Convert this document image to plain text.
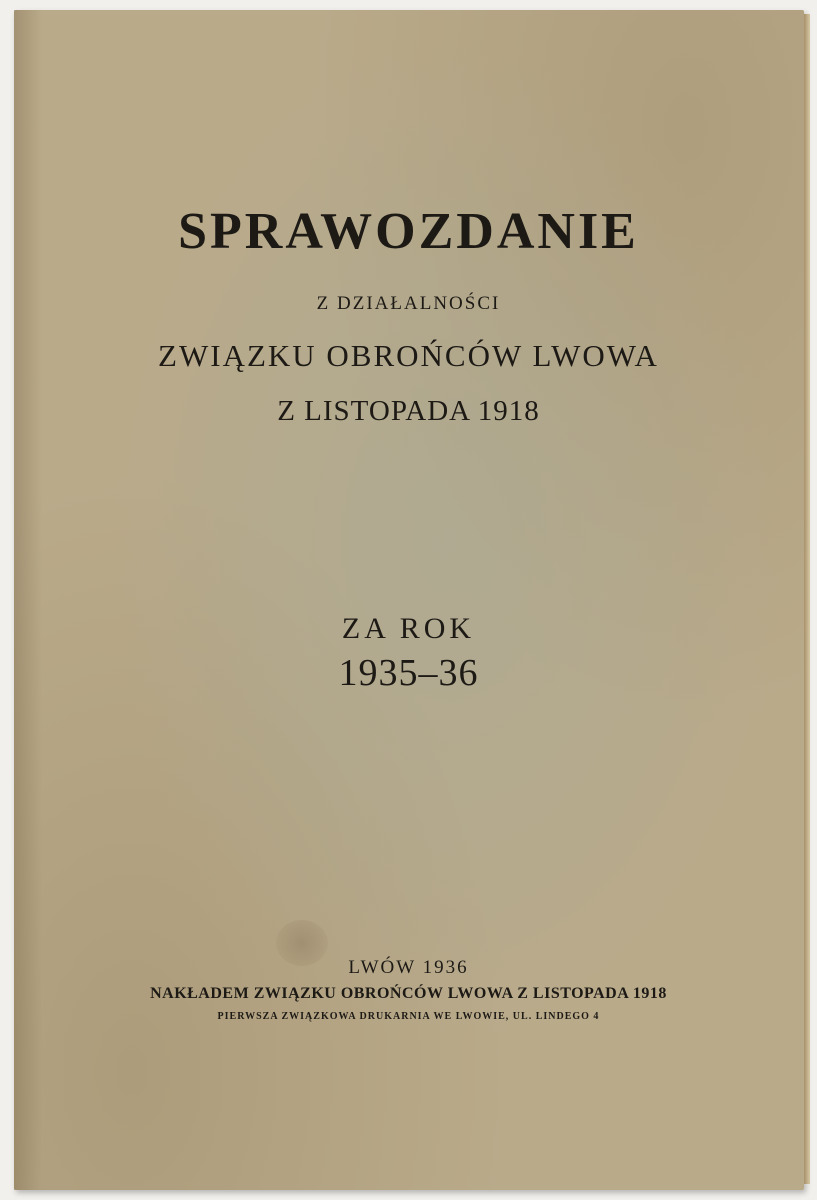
SPRAWOZDANIE

Z DZIAŁALNOŚCI

ZWIĄZKU OBROŃCÓW LWOWA

Z LISTOPADA 1918

ZA ROK

1935–36

LWÓW 1936

NAKŁADEM ZWIĄZKU OBROŃCÓW LWOWA Z LISTOPADA 1918

PIERWSZA ZWIĄZKOWA DRUKARNIA WE LWOWIE, UL. LINDEGO 4
